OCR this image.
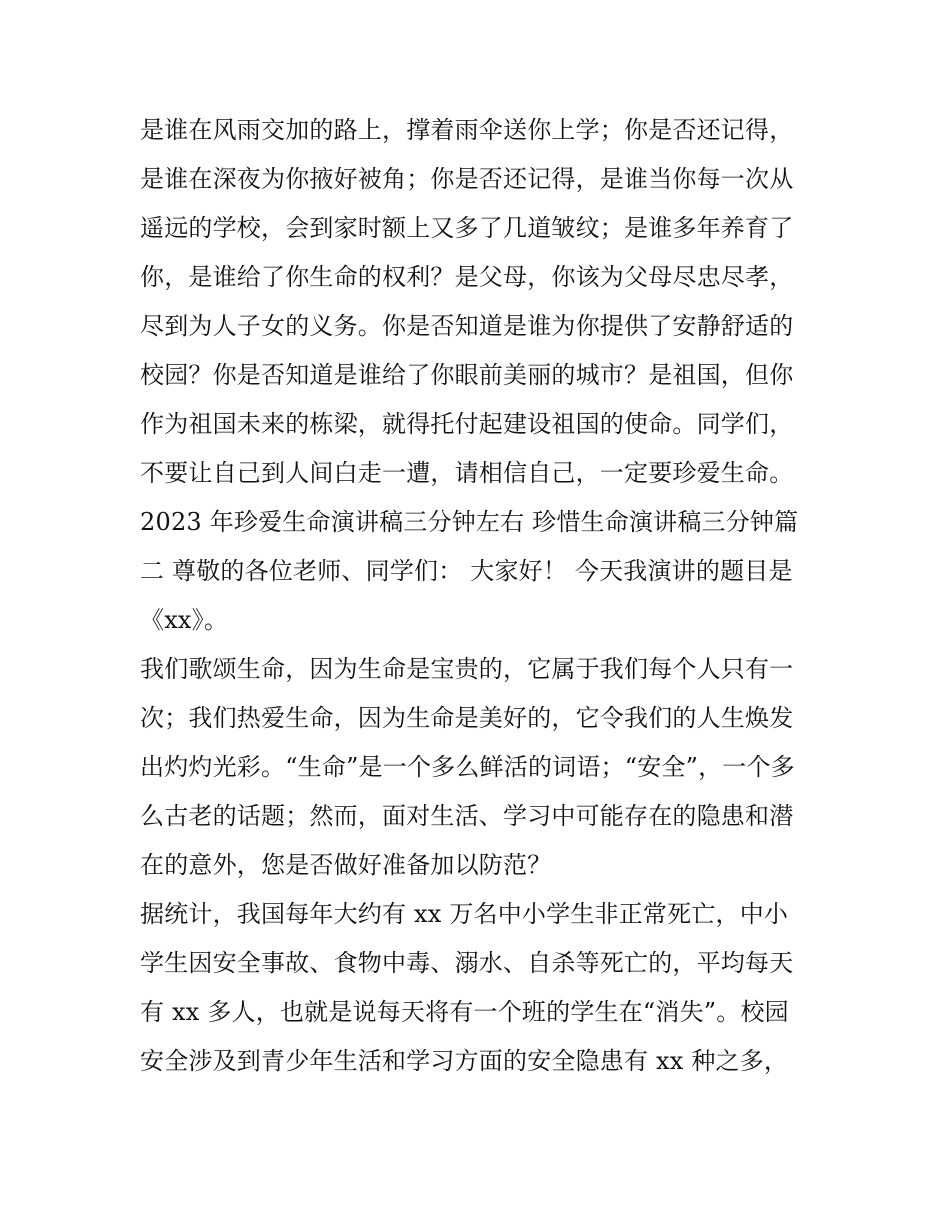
是谁在风雨交加的路上，撑着雨伞送你上学；你是否还记得，
是谁在深夜为你掖好被角；你是否还记得，是谁当你每一次从
遥远的学校，会到家时额上又多了几道皱纹；是谁多年养育了
你，是谁给了你生命的权利？是父母，你该为父母尽忠尽孝，
尽到为人子女的义务。你是否知道是谁为你提供了安静舒适的
校园？你是否知道是谁给了你眼前美丽的城市？是祖国，但你
作为祖国未来的栋梁，就得托付起建设祖国的使命。同学们，
不要让自己到人间白走一遭，请相信自己，一定要珍爱生命。
2023 年珍爱生命演讲稿三分钟左右 珍惜生命演讲稿三分钟篇
二 尊敬的各位老师、同学们： 大家好！ 今天我演讲的题目是
《xx》。
我们歌颂生命，因为生命是宝贵的，它属于我们每个人只有一
次；我们热爱生命，因为生命是美好的，它令我们的人生焕发
出灼灼光彩。“生命”是一个多么鲜活的词语；“安全”，一个多
么古老的话题；然而，面对生活、学习中可能存在的隐患和潜
在的意外，您是否做好准备加以防范？
据统计，我国每年大约有 xx 万名中小学生非正常死亡，中小
学生因安全事故、食物中毒、溺水、自杀等死亡的，平均每天
有 xx 多人，也就是说每天将有一个班的学生在“消失”。校园
安全涉及到青少年生活和学习方面的安全隐患有 xx 种之多，
